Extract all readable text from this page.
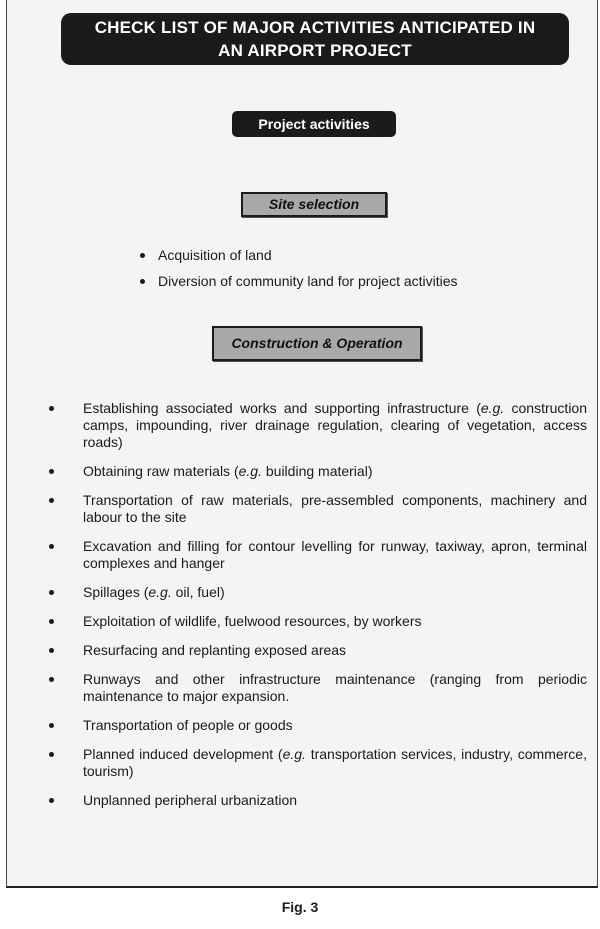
CHECK LIST OF MAJOR ACTIVITIES ANTICIPATED IN
AN AIRPORT PROJECT
Project activities
Site selection
Acquisition of land
Diversion of community land for project activities
Construction & Operation
Establishing associated works and supporting infrastructure (e.g. construction camps, impounding, river drainage regulation, clearing of vegetation, access roads)
Obtaining raw materials (e.g. building material)
Transportation of raw materials, pre-assembled components, machinery and labour to the site
Excavation and filling for contour levelling for runway, taxiway, apron, terminal complexes and hanger
Spillages (e.g. oil, fuel)
Exploitation of wildlife, fuelwood resources, by workers
Resurfacing and replanting exposed areas
Runways and other infrastructure maintenance (ranging from periodic maintenance to major expansion.
Transportation of people or goods
Planned induced development (e.g. transportation services, industry, commerce, tourism)
Unplanned peripheral urbanization
Fig. 3
